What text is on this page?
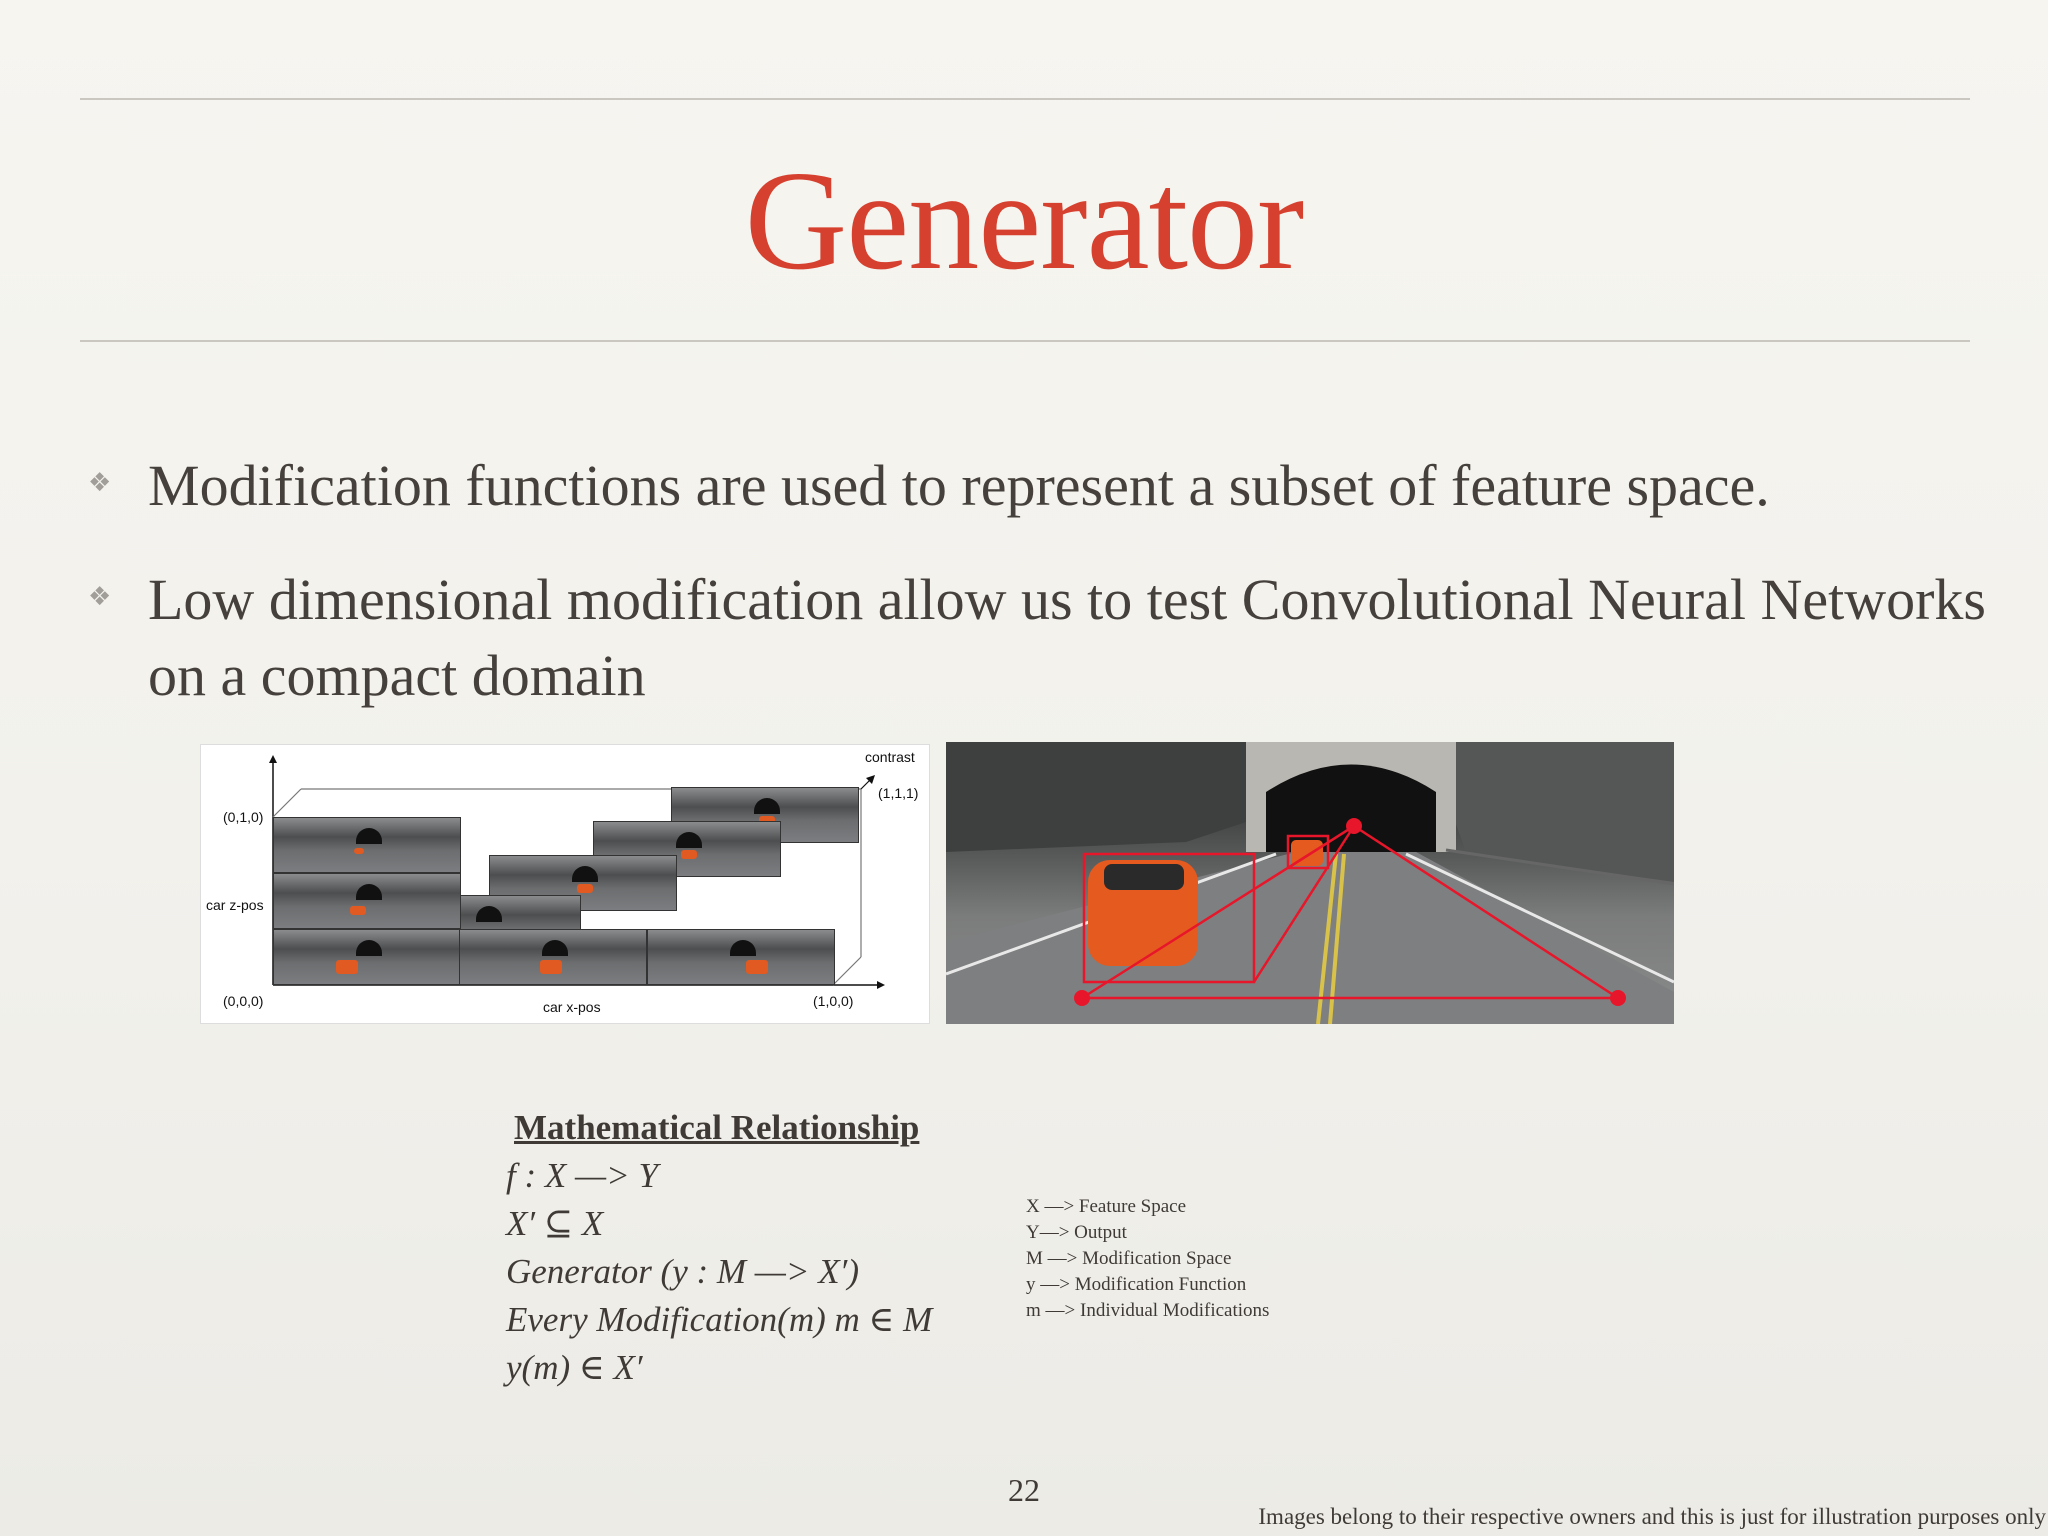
Generator
❖ Modification functions are used to represent a subset of feature space.
❖ Low dimensional modification allow us to test Convolutional Neural Networks on a compact domain
contrast
(1,1,1)
(0,1,0)
car z-pos
(0,0,0)	car x-pos	(1,0,0)
Mathematical Relationship
f : X —> Y
X′ ⊆ X
Generator (y : M —> X′)
Every Modification(m) m ∈ M
y(m) ∈ X′
X —> Feature Space
Y—> Output
M —> Modification Space
y —> Modification Function
m —> Individual Modifications
22
Images belong to their respective owners and this is just for illustration purposes only
